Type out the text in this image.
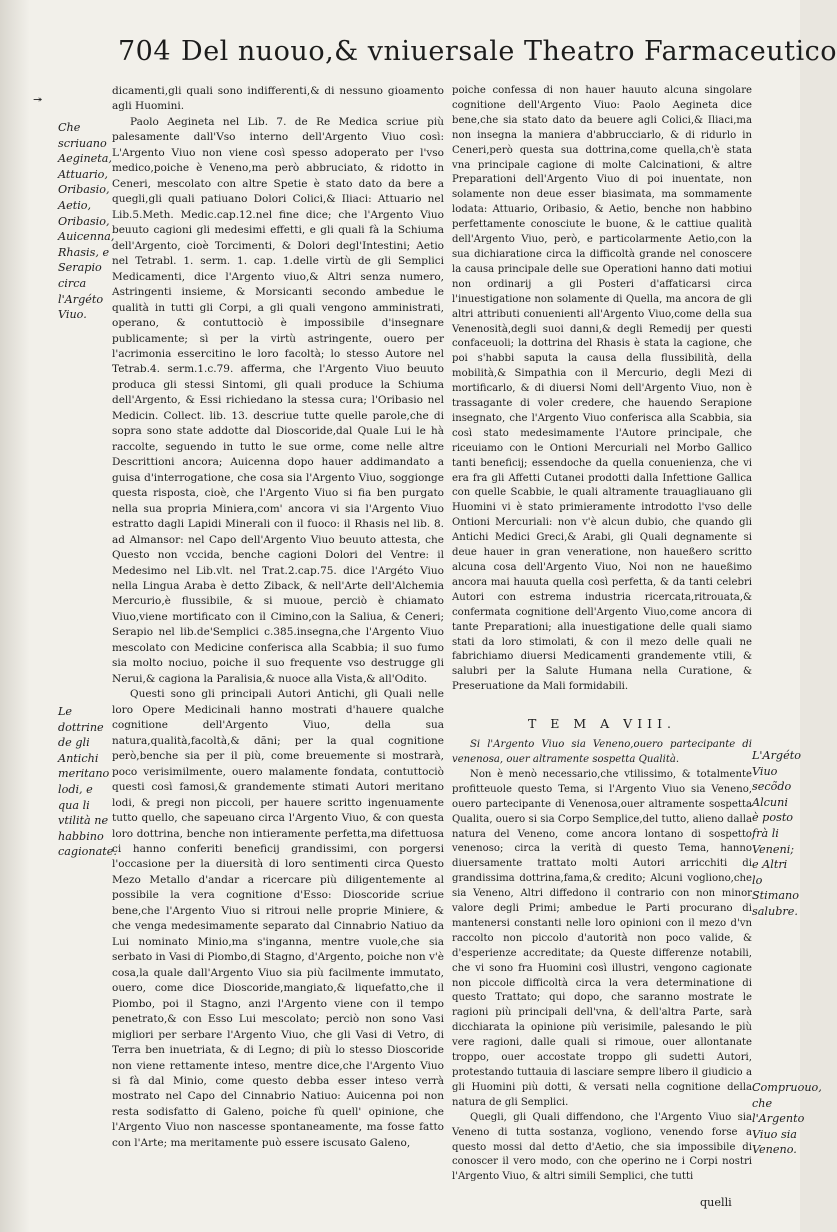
↠
704 Del nuouo,& vniuersale Theatro Farmaceutico
Che scriuano Aegineta, Attuario, Oribasio, Aetio, Oribasio, Auicenna, Rhasis, e Serapio circa l'Argéto Viuo.
Le dottrine de gli Antichi meritano lodi, e qua li vtilità ne habbino cagionate.
L'Argéto Viuo secõdo Alcuni è posto frà li Veneni; e Altri lo Stimano salubre.
Compruouo, che l'Argento Viuo sia Veneno.

dicamenti,gli quali sono indifferenti,& di nessuno gioamento agli Huomini.

Paolo Aegineta nel Lib. 7. de Re Medica scriue più palesamente dall'Vso interno dell'Argento Viuo così: L'Argento Viuo non viene così spesso adoperato per l'vso medico,poiche è Veneno,ma però abbruciato, & ridotto in Ceneri, mescolato con altre Spetie è stato dato da bere a quegli,gli quali patiuano Dolori Colici,& Iliaci: Attuario nel Lib.5.Meth. Medic.cap.12.nel fine dice; che l'Argento Viuo beuuto cagioni gli medesimi effetti, e gli quali fà la Schiuma dell'Argento, cioè Torcimenti, & Dolori degl'Intestini; Aetio nel Tetrabl. 1. serm. 1. cap. 1.delle virtù de gli Semplici Medicamenti, dice l'Argento viuo,& Altri senza numero, Astringenti insieme, & Morsicanti secondo ambedue le qualità in tutti gli Corpi, a gli quali vengono amministrati, operano, & contuttociò è impossibile d'insegnare publicamente; sì per la virtù astringente, ouero per l'acrimonia essercitino le loro facoltà; lo stesso Autore nel Tetrab.4. serm.1.c.79. afferma, che l'Argento Viuo beuuto produca gli stessi Sintomi, gli quali produce la Schiuma dell'Argento, & Essi richiedano la stessa cura; l'Oribasio nel Medicin. Collect. lib. 13. descriue tutte quelle parole,che di sopra sono state addotte dal Dioscoride,dal Quale Lui le hà raccolte, seguendo in tutto le sue orme, come nelle altre Descrittioni ancora; Auicenna dopo hauer addimandato a guisa d'interrogatione, che cosa sia l'Argento Viuo, soggionge questa risposta, cioè, che l'Argento Viuo si fia ben purgato nella sua propria Miniera,com' ancora vi sia l'Argento Viuo estratto dagli Lapidi Minerali con il fuoco: il Rhasis nel lib. 8. ad Almansor: nel Capo dell'Argento Viuo beuuto attesta, che Questo non vccida, benche cagioni Dolori del Ventre: il Medesimo nel Lib.vlt. nel Trat.2.cap.75. dice l'Argéto Viuo nella Lingua Araba è detto Ziback, & nell'Arte dell'Alchemia Mercurio,è flussibile, & si muoue, perciò è chiamato Viuo,viene mortificato con il Cimino,con la Saliua, & Ceneri; Serapio nel lib.de'Semplici c.385.insegna,che l'Argento Viuo mescolato con Medicine conferisca alla Scabbia; il suo fumo sia molto nociuo, poiche il suo frequente vso destrugge gli Nerui,& cagiona la Paralisia,& nuoce alla Vista,& all'Odito.

Questi sono gli principali Autori Antichi, gli Quali nelle loro Opere Medicinali hanno mostrati d'hauere qualche cognitione dell'Argento Viuo, della sua natura,qualità,facoltà,& dãni; per la qual cognitione però,benche sia per il più, come breuemente si mostrarà, poco verisimilmente, ouero malamente fondata, contuttociò questi così famosi,& grandemente stimati Autori meritano lodi, & pregi non piccoli, per hauere scritto ingenuamente tutto quello, che sapeuano circa l'Argento Viuo, & con questa loro dottrina, benche non intieramente perfetta,ma difettuosa ci hanno conferiti beneficij grandissimi, con porgersi l'occasione per la diuersità di loro sentimenti circa Questo Mezo Metallo d'andar a ricercare più diligentemente al possibile la vera cognitione d'Esso: Dioscoride scriue bene,che l'Argento Viuo si ritroui nelle proprie Miniere, & che venga medesimamente separato dal Cinnabrio Natiuo da Lui nominato Minio,ma s'inganna, mentre vuole,che sia serbato in Vasi di Piombo,di Stagno, d'Argento, poiche non v'è cosa,la quale dall'Argento Viuo sia più facilmente immutato, ouero, come dice Dioscoride,mangiato,& liquefatto,che il Piombo, poi il Stagno, anzi l'Argento viene con il tempo penetrato,& con Esso Lui mescolato; perciò non sono Vasi migliori per serbare l'Argento Viuo, che gli Vasi di Vetro, di Terra ben inuetriata, & di Legno; di più lo stesso Dioscoride non viene rettamente inteso, mentre dice,che l'Argento Viuo si fà dal Minio, come questo debba esser inteso verrà mostrato nel Capo del Cinnabrio Natiuo: Auicenna poi non resta sodisfatto di Galeno, poiche fù quell' opinione, che l'Argento Viuo non nascesse spontaneamente, ma fosse fatto con l'Arte; ma meritamente può essere iscusato Galeno,

poiche confessa di non hauer hauuto alcuna singolare cognitione dell'Argento Viuo: Paolo Aegineta dice bene,che sia stato dato da beuere agli Colici,& Iliaci,ma non insegna la maniera d'abbrucciarlo, & di ridurlo in Ceneri,però questa sua dottrina,come quella,ch'è stata vna principale cagione di molte Calcinationi, & altre Preparationi dell'Argento Viuo di poi inuentate, non solamente non deue esser biasimata, ma sommamente lodata: Attuario, Oribasio, & Aetio, benche non habbino perfettamente conosciute le buone, & le cattiue qualità dell'Argento Viuo, però, e particolarmente Aetio,con la sua dichiaratione circa la difficoltà grande nel conoscere la causa principale delle sue Operationi hanno dati motiui non ordinarij a gli Posteri d'affaticarsi circa l'inuestigatione non solamente di Quella, ma ancora de gli altri attributi conuenienti all'Argento Viuo,come della sua Venenosità,degli suoi danni,& degli Remedij per questi confaceuoli; la dottrina del Rhasis è stata la cagione, che poi s'habbi saputa la causa della flussibilità, della mobilità,& Simpathia con il Mercurio, degli Mezi di mortificarlo, & di diuersi Nomi dell'Argento Viuo, non è trassagante di voler credere, che hauendo Serapione insegnato, che l'Argento Viuo conferisca alla Scabbia, sia così stato medesimamente l'Autore principale, che riceuiamo con le Ontioni Mercuriali nel Morbo Gallico tanti beneficij; essendoche da quella conuenienza, che vi era fra gli Affetti Cutanei prodotti dalla Infettione Gallica con quelle Scabbie, le quali altramente trauagliauano gli Huomini vi è stato primieramente introdotto l'vso delle Ontioni Mercuriali: non v'è alcun dubio, che quando gli Antichi Medici Greci,& Arabi, gli Quali degnamente si deue hauer in gran veneratione, non haueßero scritto alcuna cosa dell'Argento Viuo, Noi non ne haueßimo ancora mai hauuta quella così perfetta, & da tanti celebri Autori con estrema industria ricercata,ritrouata,& confermata cognitione dell'Argento Viuo,come ancora di tante Preparationi; alla inuestigatione delle quali siamo stati da loro stimolati, & con il mezo delle quali ne fabrichiamo diuersi Medicamenti grandemente vtili, & salubri per la Salute Humana nella Curatione, & Preseruatione da Mali formidabili.

T E M A VIII.

Si l'Argento Viuo sia Veneno,ouero partecipante di venenosa, ouer altramente sospetta Qualità.

Non è menò necessario,che vtilissimo, & totalmente profitteuole questo Tema, si l'Argento Viuo sia Veneno, ouero partecipante di Venenosa,ouer altramente sospetta Qualita, ouero si sia Corpo Semplice,del tutto, alieno dalla natura del Veneno, come ancora lontano di sospetto venenoso; circa la verità di questo Tema, hanno diuersamente trattato molti Autori arricchiti di grandissima dottrina,fama,& credito; Alcuni vogliono,che sia Veneno, Altri diffedono il contrario con non minor valore degli Primi; ambedue le Parti procurano di mantenersi constanti nelle loro opinioni con il mezo d'vn raccolto non piccolo d'autorità non poco valide, & d'esperienze accreditate; da Queste differenze notabili, che vi sono fra Huomini così illustri, vengono cagionate non piccole difficoltà circa la vera determinatione di questo Trattato; qui dopo, che saranno mostrate le ragioni più principali dell'vna, & dell'altra Parte, sarà dicchiarata la opinione più verisimile, palesando le più vere ragioni, dalle quali si rimoue, ouer allontanate troppo, ouer accostate troppo gli sudetti Autori, protestando tuttauia di lasciare sempre libero il giudicio a gli Huomini più dotti, & versati nella cognitione della natura de gli Semplici.

Quegli, gli Quali diffendono, che l'Argento Viuo sia Veneno di tutta sostanza, vogliono, venendo forse a questo mossi dal detto d'Aetio, che sia impossibile di conoscer il vero modo, con che operino ne i Corpi nostri l'Argento Viuo, & altri simili Semplici, che tutti

quelli
